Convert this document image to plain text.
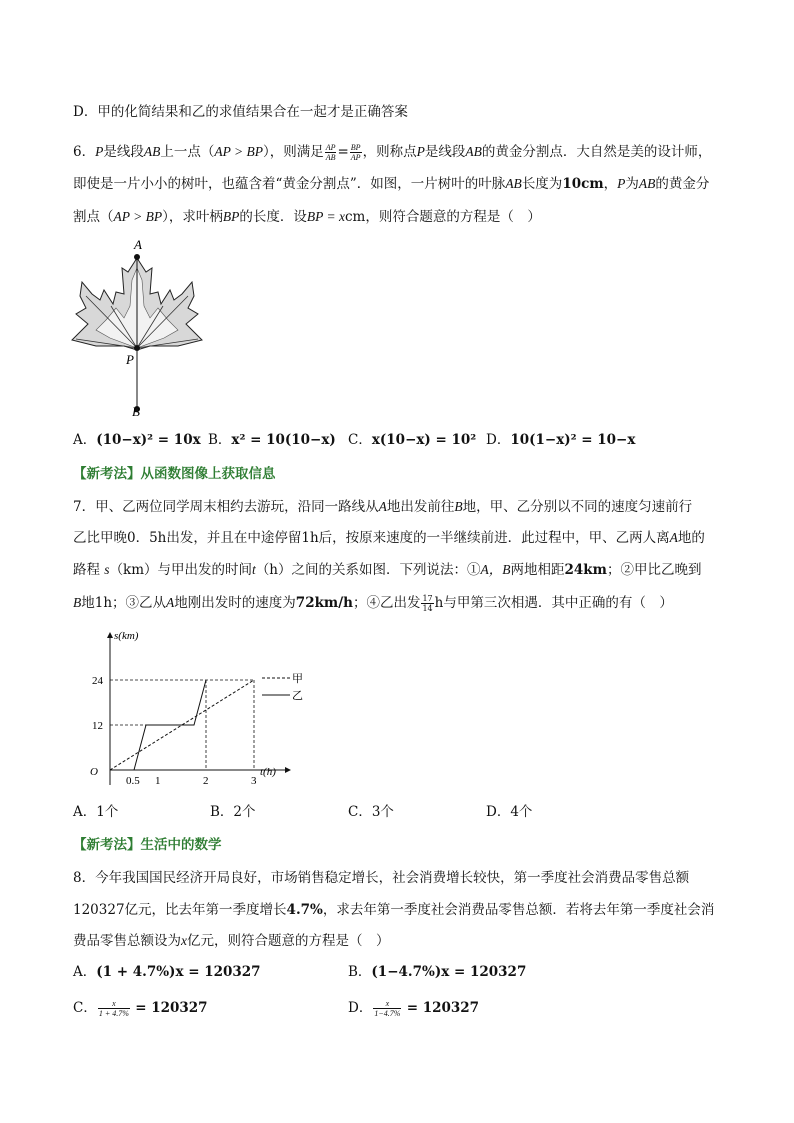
D．甲的化简结果和乙的求值结果合在一起才是正确答案
6．P是线段AB上一点（AP > BP），则满足 $\frac{AP}{AB} = \frac{BP}{AP}$ ，则称点P是线段AB的黄金分割点．大自然是美的设计师，
即使是一片小小的树叶，也蕴含着“黄金分割点”．如图，一片树叶的叶脉AB长度为10cm，P为AB的黄金分
割点（AP > BP），求叶柄BP的长度．设BP = xcm，则符合题意的方程是（　）
A
P
B
A．(10−x)² = 10x B．x² = 10(10−x) C．x(10−x) = 10² D．10(1−x)² = 10−x
【新考法】从函数图像上获取信息
7．甲、乙两位同学周末相约去游玩，沿同一路线从A地出发前往B地，甲、乙分别以不同的速度匀速前行
乙比甲晚0．5h出发，并且在中途停留1h后，按原来速度的一半继续前进．此过程中，甲、乙两人离A地的
路程 s（km）与甲出发的时间t（h）之间的关系如图．下列说法：①A，B两地相距24km；②甲比乙晚到
B地1h；③乙从A地刚出发时的速度为72km/h；④乙出发 $\frac{17}{14}$ h与甲第三次相遇．其中正确的有（　）
s(km)
t(h)
O
0.5 1	2	3
12
24	甲
乙
A．1个	B．2个	C．3个	D．4个
【新考法】生活中的数学
8．今年我国国民经济开局良好，市场销售稳定增长，社会消费增长较快，第一季度社会消费品零售总额
120327亿元，比去年第一季度增长4.7%，求去年第一季度社会消费品零售总额．若将去年第一季度社会消
费品零售总额设为x亿元，则符合题意的方程是（　）
A．(1 + 4.7%)x = 120327	B．(1−4.7%)x = 120327
C． $\frac{x}{1 + 4.7\%} = 120327$	D． $\frac{x}{1-4.7\%} = 120327$
